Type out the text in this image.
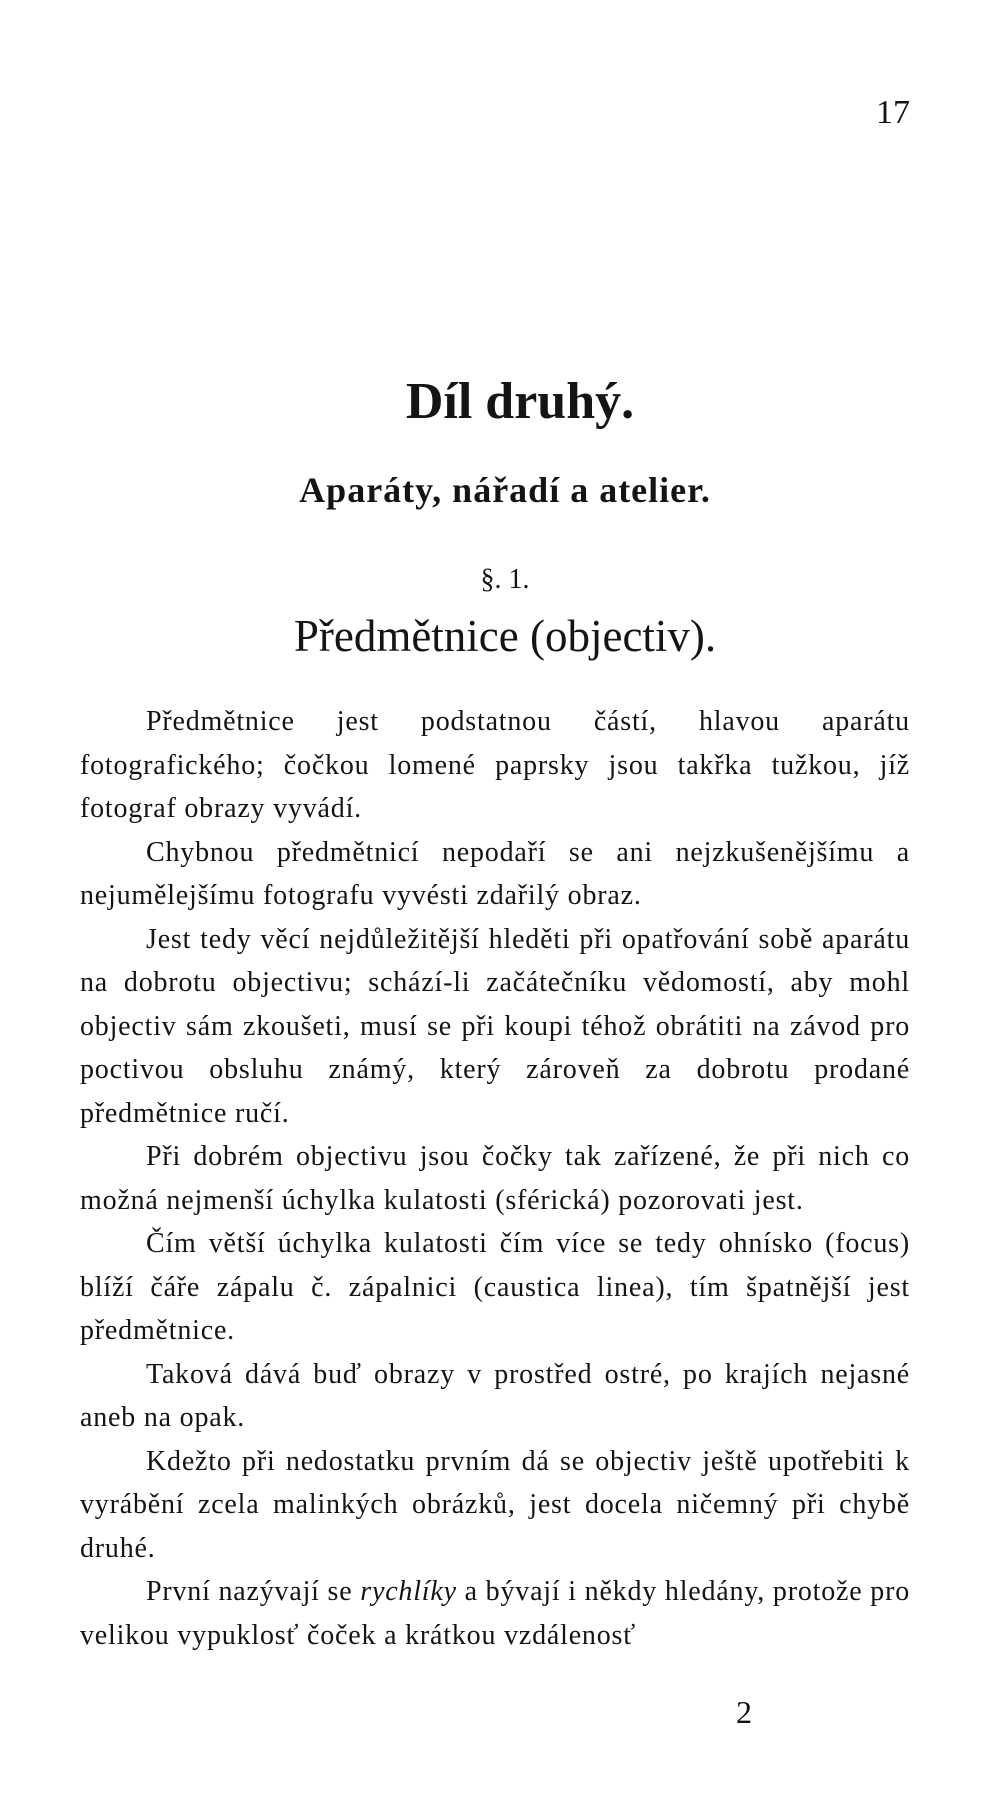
17
Díl druhý.
Aparáty, nářadí a atelier.
§. 1.
Předmětnice (objectiv).

Předmětnice jest podstatnou částí, hlavou aparátu fotografického; čočkou lomené paprsky jsou takřka tužkou, jíž fotograf obrazy vyvádí.

Chybnou předmětnicí nepodaří se ani nejzkušenějšímu a nejumělejšímu fotografu vyvésti zdařilý obraz.

Jest tedy věcí nejdůležitější hleděti při opatřování sobě aparátu na dobrotu objectivu; schází-li začátečníku vědomostí, aby mohl objectiv sám zkoušeti, musí se při koupi téhož obrátiti na závod pro poctivou obsluhu známý, který zároveň za dobrotu prodané předmětnice ručí.

Při dobrém objectivu jsou čočky tak zařízené, že při nich co možná nejmenší úchylka kulatosti (sférická) pozorovati jest.

Čím větší úchylka kulatosti čím více se tedy ohnísko (focus) blíží čáře zápalu č. zápalnici (caustica linea), tím špatnější jest předmětnice.

Taková dává buď obrazy v prostřed ostré, po krajích nejasné aneb na opak.

Kdežto při nedostatku prvním dá se objectiv ještě upotřebiti k vyrábění zcela malinkých obrázků, jest docela ničemný při chybě druhé.

První nazývají se rychlíky a bývají i někdy hledány, protože pro velikou vypuklosť čoček a krátkou vzdálenosť

2
